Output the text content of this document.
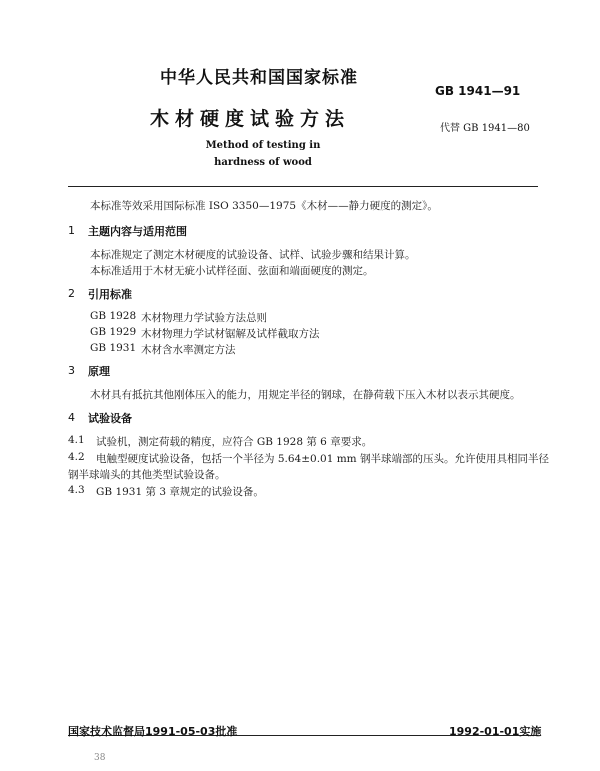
中华人民共和国国家标准
GB 1941—91
木材硬度试验方法	代替 GB 1941—80
Method of testing in hardness of wood
本标准等效采用国际标准 ISO 3350—1975《木材——静力硬度的测定》。
1 主题内容与适用范围
本标准规定了测定木材硬度的试验设备、试样、试验步骤和结果计算。
本标准适用于木材无疵小试样径面、弦面和端面硬度的测定。
2 引用标准
GB 1928 木材物理力学试验方法总则
GB 1929 木材物理力学试材锯解及试样截取方法
GB 1931 木材含水率测定方法
3 原理
木材具有抵抗其他刚体压入的能力，用规定半径的钢球，在静荷载下压入木材以表示其硬度。
4 试验设备
4.1 试验机，测定荷载的精度，应符合 GB 1928 第 6 章要求。
4.2 电触型硬度试验设备，包括一个半径为 5.64±0.01 mm 钢半球端部的压头。允许使用具相同半径
钢半球端头的其他类型试验设备。
4.3 GB 1931 第 3 章规定的试验设备。
国家技术监督局1991-05-03批准	1992-01-01实施
38
